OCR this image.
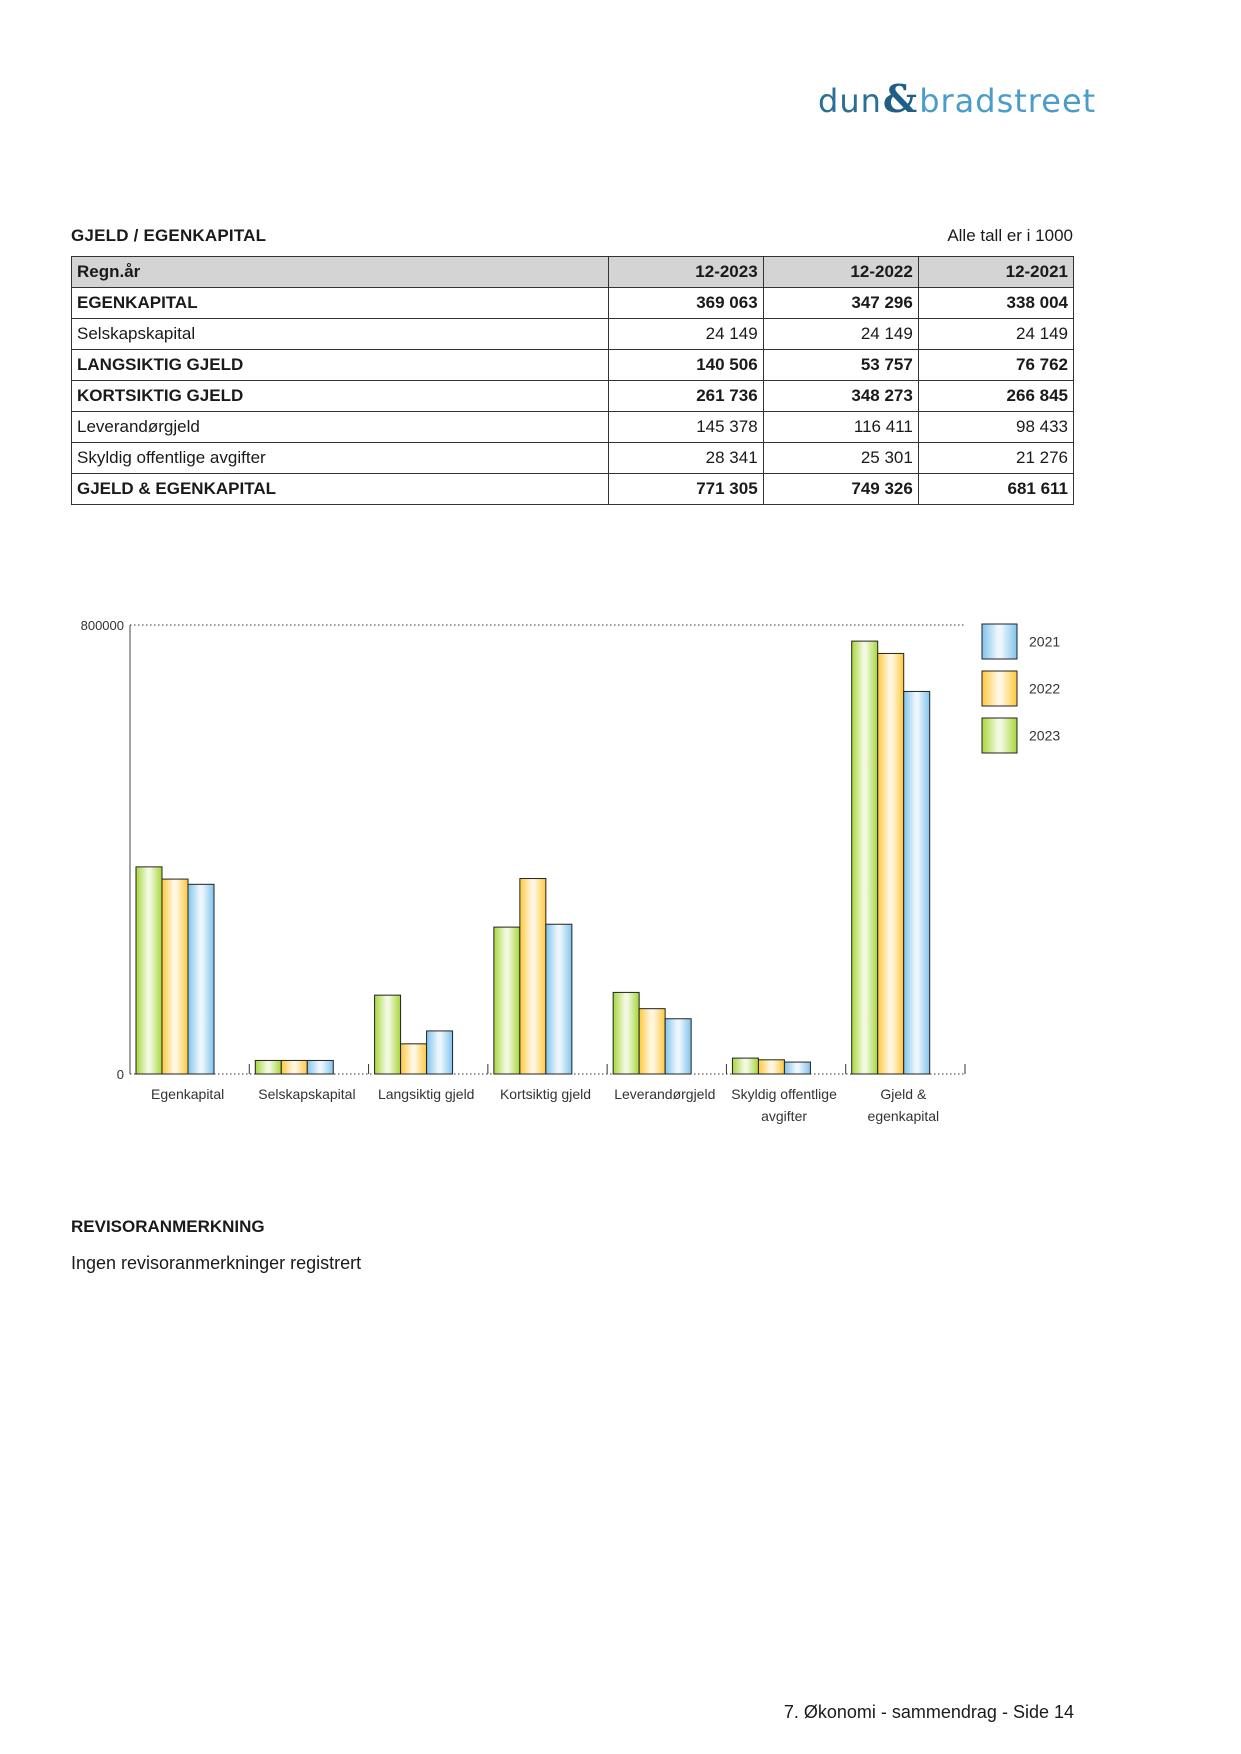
dun&bradstreet
GJELD / EGENKAPITAL	Alle tall er i 1000
Regn.år	12-2023	12-2022	12-2021
EGENKAPITAL	369 063	347 296	338 004
Selskapskapital	24 149	24 149	24 149
LANGSIKTIG GJELD	140 506	53 757	76 762
KORTSIKTIG GJELD	261 736	348 273	266 845
Leverandørgjeld	145 378	116 411	98 433
Skyldig offentlige avgifter	28 341	25 301	21 276
GJELD & EGENKAPITAL	771 305	749 326	681 611
800000
0
Egenkapital Selskapskapital Langsiktig gjeld Kortsiktig gjeld Leverandørgjeld Skyldig offentlige
avgifter
Gjeld &
egenkapital
2021
2022
2023
REVISORANMERKNING
Ingen revisoranmerkninger registrert
7. Økonomi - sammendrag - Side 14
